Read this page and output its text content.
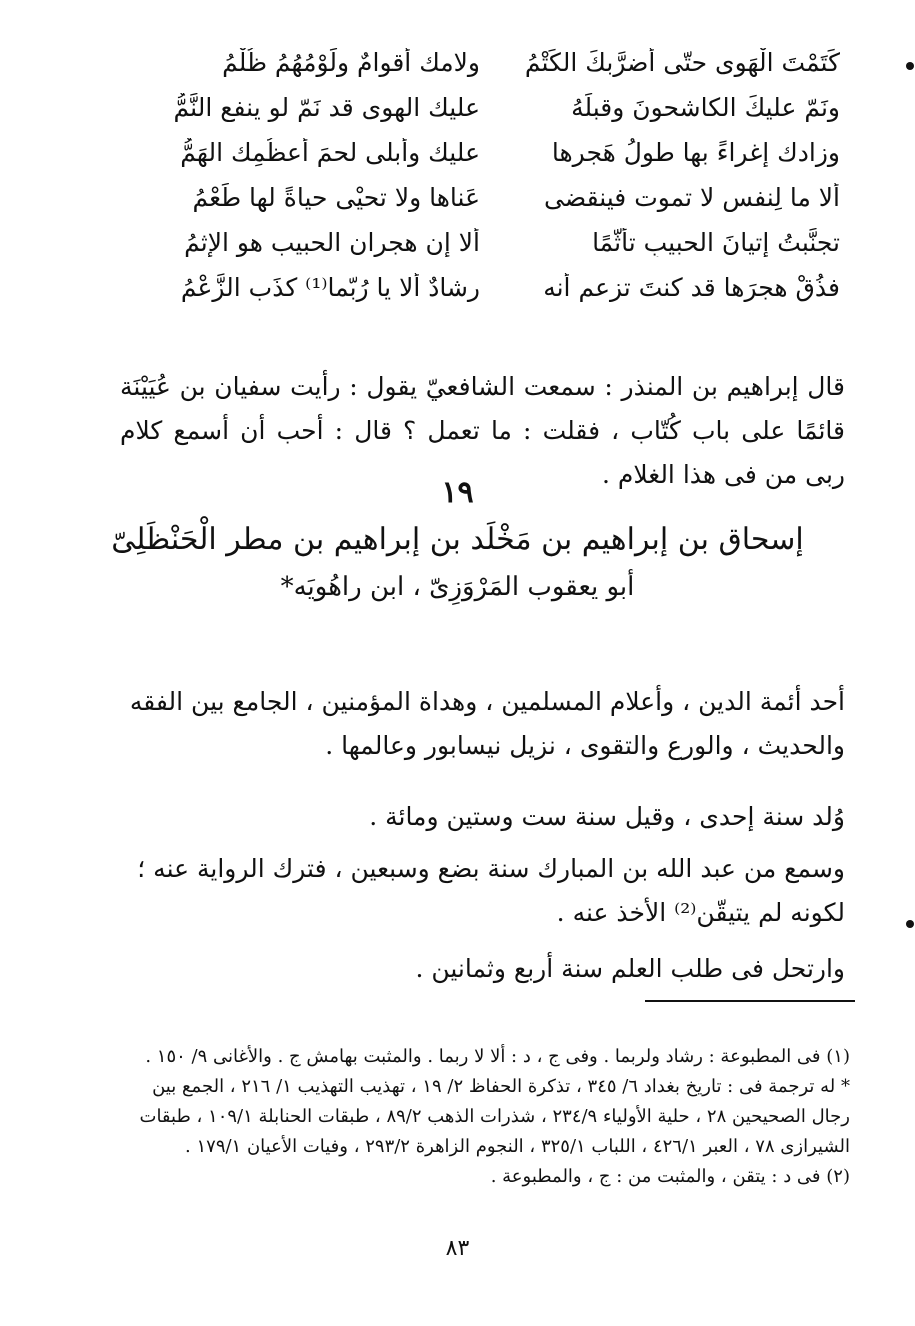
كَتَمْتَ الْهَوى حتّى أَضرَّبكَ الكَتْمُ
ولامك أقوامٌ ولَوْمُهُمُ ظُلْمُ
ونَمّ عليكَ الكاشحونَ وقبلَهُ
عليك الهوى قد نَمّ لو ينفع النَّمُّ
وزادك إغراءً بها طولُ هَجرِها
عليك وأبلى لحمَ أعظُمِك الهَمُّ
ألا ما لِنفسٍ لا تموت فينقضى
عَناها ولا تحيْى حياةً لها طَعْمُ
تجنَّبتُ إتيانَ الحبيبِ تأثُّمًا
ألا إن هجران الحبيب هو الإثمُ
فذُقْ هجرَها قد كنتَ تزعم أنه
رشادٌ ألا يا رُبّما⁽¹⁾ كذَب الزَّعْمُ

قال إبراهيم بن المنذر : سمعت الشافعيّ يقول : رأيت سفيان بن عُيَيْنَة قائمًا على باب كُتّاب ، فقلت : ما تعمل ؟ قال : أحب أن أسمع كلام ربى من فى هذا الغلام .

١٩
إسحاق بن إبراهيم بن مَخْلَد بن إبراهيم بن مطر الْحَنْظَلِىّ
أبو يعقوب المَرْوَزِىّ ، ابن راهُويَه*

أحد أئمة الدين ، وأعلام المسلمين ، وهداة المؤمنين ، الجامع بين الفقه والحديث ، والورع والتقوى ، نزيل نيسابور وعالمها .

وُلد سنة إحدى ، وقيل سنة ست وستين ومائة .

وسمع من عبد الله بن المبارك سنة بضع وسبعين ، فترك الرواية عنه ؛ لكونه لم يتيقّن⁽²⁾ الأخذ عنه .

وارتحل فى طلب العلم سنة أربع وثمانين .

(١) فى المطبوعة : رشاد ولربما . وفى ج ، د : ألا لا ربما . والمثبت بهامش ج . والأغانى ٩/ ١٥٠ .

* له ترجمة فى : تاريخ بغداد ٦/ ٣٤٥ ، تذكرة الحفاظ ٢/ ١٩ ، تهذيب التهذيب ١/ ٢١٦ ، الجمع بين رجال الصحيحين ٢٨ ، حلية الأولياء ٢٣٤/٩ ، شذرات الذهب ٨٩/٢ ، طبقات الحنابلة ١٠٩/١ ، طبقات الشيرازى ٧٨ ، العبر ٤٢٦/١ ، اللباب ٣٢٥/١ ، النجوم الزاهرة ٢٩٣/٢ ، وفيات الأعيان ١٧٩/١ .

(٢) فى د : يتقن ، والمثبت من : ج ، والمطبوعة .

٨٣
